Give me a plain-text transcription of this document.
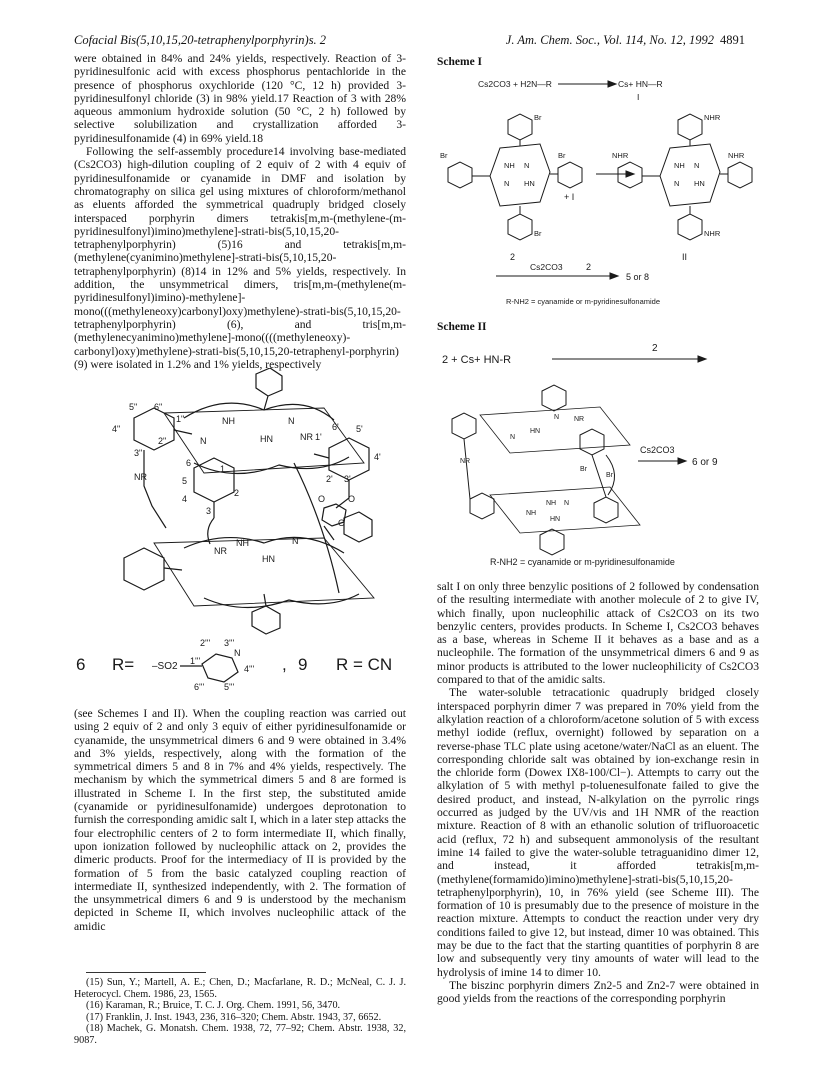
Cofacial Bis(5,10,15,20-tetraphenylporphyrin)s. 2	J. Am. Chem. Soc., Vol. 114, No. 12, 1992 4891

were obtained in 84% and 24% yields, respectively. Reaction of 3-pyridinesulfonic acid with excess phosphorus pentachloride in the presence of phosphorus oxychloride (120 °C, 12 h) provided 3-pyridinesulfonyl chloride (3) in 98% yield.17 Reaction of 3 with 28% aqueous ammonium hydroxide solution (50 °C, 2 h) followed by selective solubilization and crystallization afforded 3-pyridinesulfonamide (4) in 69% yield.18

Following the self-assembly procedure14 involving base-mediated (Cs2CO3) high-dilution coupling of 2 equiv of 2 with 4 equiv of pyridinesulfonamide or cyanamide in DMF and isolation by chromatography on silica gel using mixtures of chloroform/methanol as eluents afforded the symmetrical quadruply bridged closely interspaced porphyrin dimers tetrakis[m,m-(methylene-(m-pyridinesulfonyl)imino)methylene]-strati-bis(5,10,15,20-tetraphenylporphyrin) (5)16 and tetrakis[m,m-(methylene(cyanimino)methylene]-strati-bis(5,10,15,20-tetraphenylporphyrin) (8)14 in 12% and 5% yields, respectively. In addition, the unsymmetrical dimers, tris[m,m-(methylene(m-pyridinesulfonyl)imino)-methylene]-mono(((methyleneoxy)carbonyl)oxy)methylene)-strati-bis(5,10,15,20-tetraphenylporphyrin) (6), and tris[m,m-(methylenecyanimino)methylene]-mono((((methyleneoxy)-carbonyl)oxy)methylene)-strati-bis(5,10,15,20-tetraphenyl-porphyrin) (9) were isolated in 1.2% and 1% yields, respectively

5" 6"
1"
4"
2"
3"
NH	N
N	HN	NR 1'
6' 5'
4'
2' 3'
O	O
O
NR
6
1
5
2
4
3
NH
NR
N
HN
6 R= –SO2	, 9 R = CN
2''' 3'''
N
1'''
4'''
6''' 5'''

(see Schemes I and II). When the coupling reaction was carried out using 2 equiv of 2 and only 3 equiv of either pyridinesulfonamide or cyanamide, the unsymmetrical dimers 6 and 9 were obtained in 3.4% and 3% yields, respectively, along with the formation of the symmetrical dimers 5 and 8 in 7% and 4% yields, respectively. The mechanism by which the symmetrical dimers 5 and 8 are formed is illustrated in Scheme I. In the first step, the substituted amide (cyanamide or pyridinesulfonamide) undergoes deprotonation to furnish the corresponding amidic salt I, which in a later step attacks the four electrophilic centers of 2 to form intermediate II, which finally, upon ionization followed by nucleophilic attack on 2, provides the dimeric products. Proof for the intermediacy of II is provided by the formation of 5 from the basic catalyzed coupling reaction of intermediate II, synthesized independently, with 2. The formation of the unsymmetrical dimers 6 and 9 is understood by the mechanism depicted in Scheme II, which involves nucleophilic attack of the amidic

(15) Sun, Y.; Martell, A. E.; Chen, D.; Macfarlane, R. D.; McNeal, C. J. J. Heterocycl. Chem. 1986, 23, 1565.
(16) Karaman, R.; Bruice, T. C. J. Org. Chem. 1991, 56, 3470.
(17) Franklin, J. Inst. 1943, 236, 316–320; Chem. Abstr. 1943, 37, 6652.
(18) Machek, G. Monatsh. Chem. 1938, 72, 77–92; Chem. Abstr. 1938, 32, 9087.
Scheme I
Cs2CO3 + H2N—R	Cs+ HN—R
I
Br
Br	Br
Br
NH N
N HN
+ I
2
NHR
NHR	NHR
NHR
NH N
N HN
II
Cs2CO3	2
5 or 8
R-NH2 = cyanamide or m-pyridinesulfonamide
Scheme II
2 + Cs+ HN-R
2
N
NR
NR
N
HN
NH N
HN
Br
Br
NH
Cs2CO3
6 or 9
R-NH2 = cyanamide or m-pyridinesulfonamide

salt I on only three benzylic positions of 2 followed by condensation of the resulting intermediate with another molecule of 2 to give IV, which finally, upon nucleophilic attack of Cs2CO3 on its two benzylic centers, provides products. In Scheme I, Cs2CO3 behaves as a base, whereas in Scheme II it behaves as a base and as a nucleophile. The formation of the unsymmetrical dimers 6 and 9 as minor products is attributed to the lower nucleophilicity of Cs2CO3 compared to that of the amidic salts.

The water-soluble tetracationic quadruply bridged closely interspaced porphyrin dimer 7 was prepared in 70% yield from the alkylation reaction of a chloroform/acetone solution of 5 with excess methyl iodide (reflux, overnight) followed by separation on a reverse-phase TLC plate using acetone/water/NaCl as an eluent. The corresponding chloride salt was obtained by ion-exchange resin in the chloride form (Dowex IX8-100/Cl−). Attempts to carry out the alkylation of 5 with methyl p-toluenesulfonate failed to give the desired product, and instead, N-alkylation on the pyrrolic rings occurred as judged by the UV/vis and 1H NMR of the reaction mixture. Reaction of 8 with an ethanolic solution of trifluoroacetic acid (reflux, 72 h) and subsequent ammonolysis of the resultant imine 14 failed to give the water-soluble tetraguanidino dimer 12, and instead, it afforded tetrakis[m,m-(methylene(formamido)imino)methylene]-strati-bis(5,10,15,20-tetraphenylporphyrin), 10, in 76% yield (see Scheme III). The formation of 10 is presumably due to the presence of moisture in the reaction mixture. Attempts to conduct the reaction under very dry conditions failed to give 12, but instead, dimer 10 was obtained. This may be due to the fact that the starting quantities of porphyrin 8 are low and subsequently very tiny amounts of water will lead to the hydrolysis of imine 14 to dimer 10.

The biszinc porphyrin dimers Zn2-5 and Zn2-7 were obtained in good yields from the reactions of the corresponding porphyrin
